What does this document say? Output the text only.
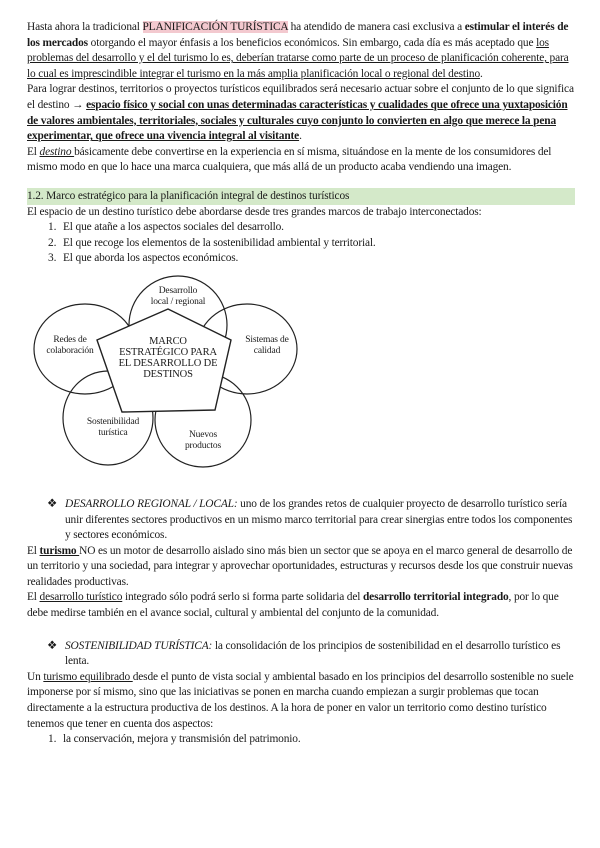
Hasta ahora la tradicional PLANIFICACIÓN TURÍSTICA ha atendido de manera casi exclusiva a estimular el interés de los mercados otorgando el mayor énfasis a los beneficios económicos. Sin embargo, cada día es más aceptado que los problemas del desarrollo y el del turismo lo es, deberían tratarse como parte de un proceso de planificación coherente, para lo cual es imprescindible integrar el turismo en la más amplia planificación local o regional del destino.

Para lograr destinos, territorios o proyectos turísticos equilibrados será necesario actuar sobre el conjunto de lo que significa el destino → espacio físico y social con unas determinadas características y cualidades que ofrece una yuxtaposición de valores ambientales, territoriales, sociales y culturales cuyo conjunto lo convierten en algo que merece la pena experimentar, que ofrece una vivencia integral al visitante.

El destino básicamente debe convertirse en la experiencia en sí misma, situándose en la mente de los consumidores del mismo modo en que lo hace una marca cualquiera, que más allá de un producto acaba vendiendo una imagen.

1.2. Marco estratégico para la planificación integral de destinos turísticos

El espacio de un destino turístico debe abordarse desde tres grandes marcos de trabajo interconectados:

1. El que atañe a los aspectos sociales del desarrollo.
2. El que recoge los elementos de la sostenibilidad ambiental y territorial.
3. El que aborda los aspectos económicos.
MARCO
ESTRATÉGICO PARA
EL DESARROLLO DE
DESTINOS
Desarrollo
local / regional
Sistemas de
calidad
Nuevos
productos
Sostenibilidad
turística
Redes de
colaboración

❖ DESARROLLO REGIONAL / LOCAL: uno de los grandes retos de cualquier proyecto de desarrollo turístico sería unir diferentes sectores productivos en un mismo marco territorial para crear sinergias entre todos los componentes y sectores económicos.

El turismo NO es un motor de desarrollo aislado sino más bien un sector que se apoya en el marco general de desarrollo de un territorio y una sociedad, para integrar y aprovechar oportunidades, estructuras y recursos desde los que construir nuevas realidades productivas.

El desarrollo turístico integrado sólo podrá serlo si forma parte solidaria del desarrollo territorial integrado, por lo que debe medirse también en el avance social, cultural y ambiental del conjunto de la comunidad.

❖ SOSTENIBILIDAD TURÍSTICA: la consolidación de los principios de sostenibilidad en el desarrollo turístico es lenta.

Un turismo equilibrado desde el punto de vista social y ambiental basado en los principios del desarrollo sostenible no suele imponerse por sí mismo, sino que las iniciativas se ponen en marcha cuando empiezan a surgir problemas que tocan directamente a la estructura productiva de los destinos. A la hora de poner en valor un territorio como destino turístico tenemos que tener en cuenta dos aspectos:

1. la conservación, mejora y transmisión del patrimonio.
